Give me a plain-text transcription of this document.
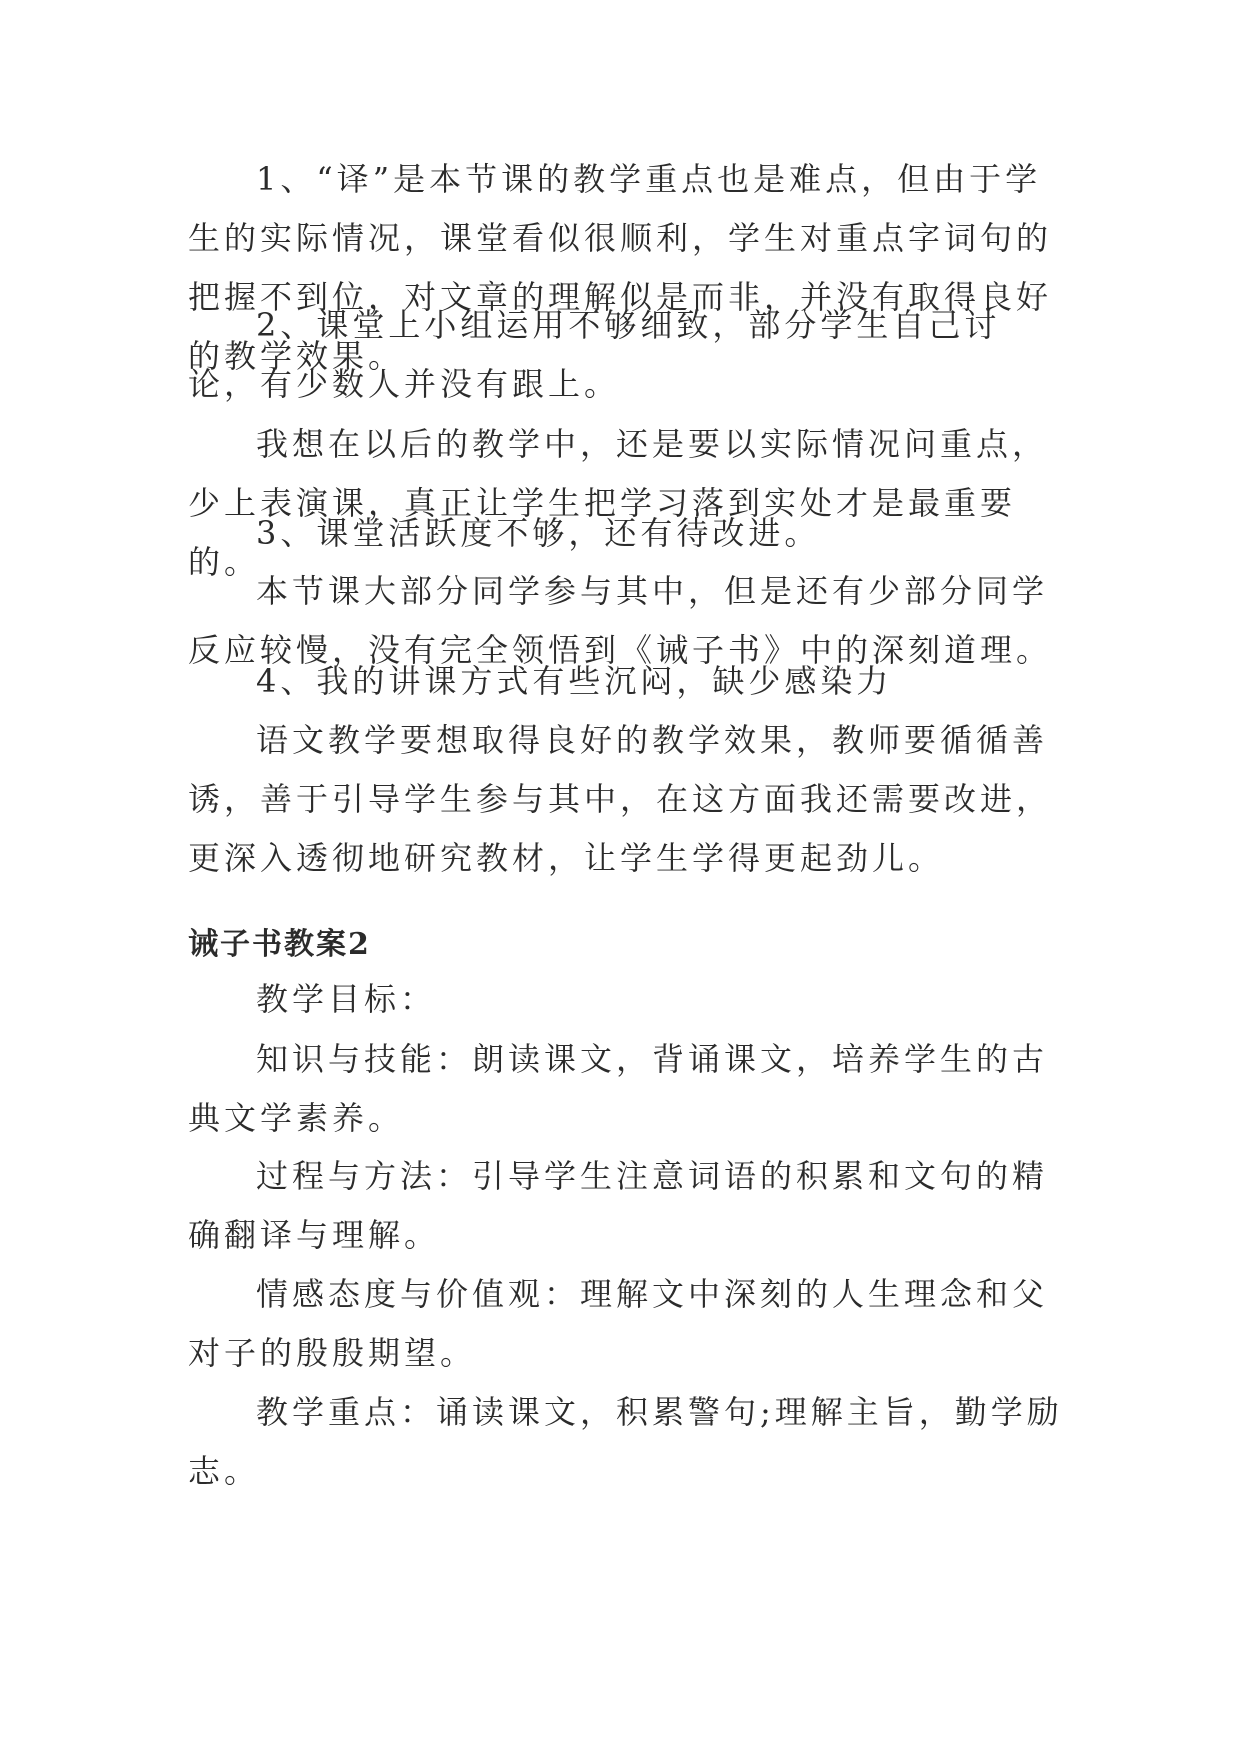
1、“译”是本节课的教学重点也是难点，但由于学生的实际情况，课堂看似很顺利，学生对重点字词句的把握不到位，对文章的理解似是而非，并没有取得良好的教学效果。

2、课堂上小组运用不够细致，部分学生自己讨论，有少数人并没有跟上。

我想在以后的教学中，还是要以实际情况问重点，少上表演课，真正让学生把学习落到实处才是最重要的。

3、课堂活跃度不够，还有待改进。

本节课大部分同学参与其中，但是还有少部分同学反应较慢，没有完全领悟到《诫子书》中的深刻道理。

4、我的讲课方式有些沉闷，缺少感染力

语文教学要想取得良好的教学效果，教师要循循善诱，善于引导学生参与其中，在这方面我还需要改进，更深入透彻地研究教材，让学生学得更起劲儿。

诫子书教案2

教学目标：

知识与技能：朗读课文，背诵课文，培养学生的古典文学素养。

过程与方法：引导学生注意词语的积累和文句的精确翻译与理解。

情感态度与价值观：理解文中深刻的人生理念和父对子的殷殷期望。

教学重点：诵读课文，积累警句;理解主旨，勤学励志。
